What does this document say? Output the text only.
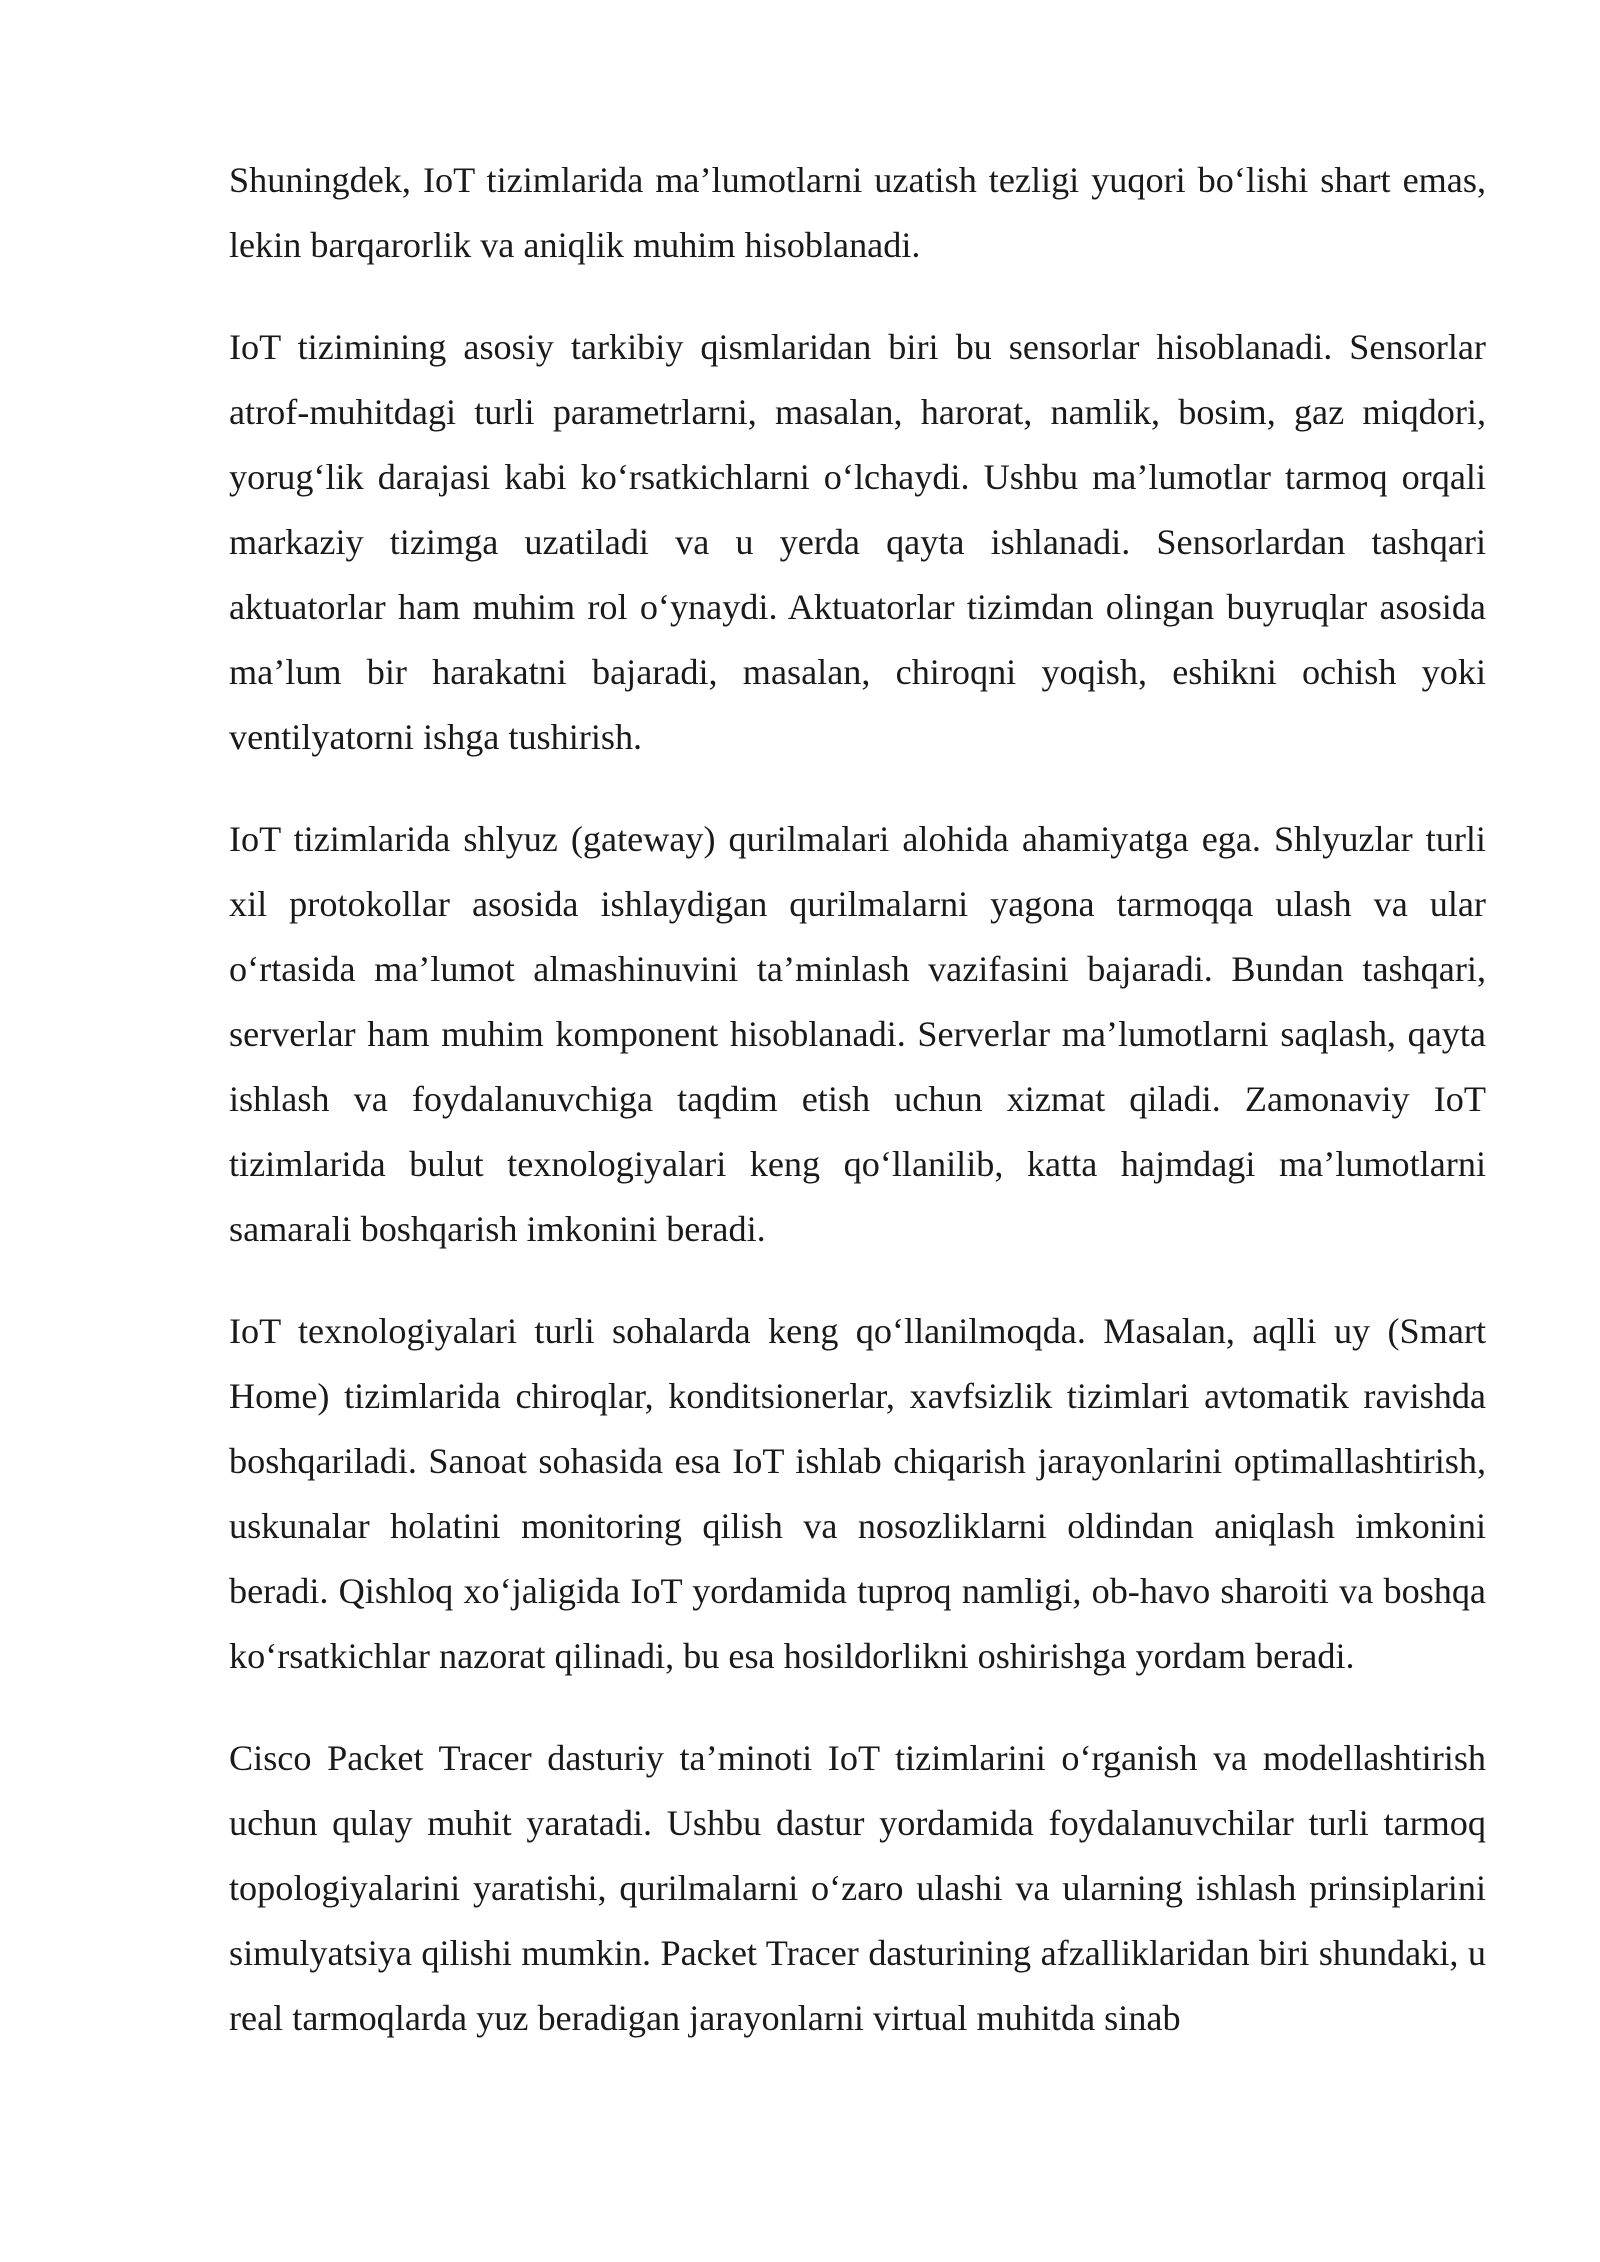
Shuningdek, IoT tizimlarida ma’lumotlarni uzatish tezligi yuqori bo‘lishi shart emas, lekin barqarorlik va aniqlik muhim hisoblanadi.

IoT tizimining asosiy tarkibiy qismlaridan biri bu sensorlar hisoblanadi. Sensorlar atrof-muhitdagi turli parametrlarni, masalan, harorat, namlik, bosim, gaz miqdori, yorug‘lik darajasi kabi ko‘rsatkichlarni o‘lchaydi. Ushbu ma’lumotlar tarmoq orqali markaziy tizimga uzatiladi va u yerda qayta ishlanadi. Sensorlardan tashqari aktuatorlar ham muhim rol o‘ynaydi. Aktuatorlar tizimdan olingan buyruqlar asosida ma’lum bir harakatni bajaradi, masalan, chiroqni yoqish, eshikni ochish yoki ventilyatorni ishga tushirish.

IoT tizimlarida shlyuz (gateway) qurilmalari alohida ahamiyatga ega. Shlyuzlar turli xil protokollar asosida ishlaydigan qurilmalarni yagona tarmoqqa ulash va ular o‘rtasida ma’lumot almashinuvini ta’minlash vazifasini bajaradi. Bundan tashqari, serverlar ham muhim komponent hisoblanadi. Serverlar ma’lumotlarni saqlash, qayta ishlash va foydalanuvchiga taqdim etish uchun xizmat qiladi. Zamonaviy IoT tizimlarida bulut texnologiyalari keng qo‘llanilib, katta hajmdagi ma’lumotlarni samarali boshqarish imkonini beradi.

IoT texnologiyalari turli sohalarda keng qo‘llanilmoqda. Masalan, aqlli uy (Smart Home) tizimlarida chiroqlar, konditsionerlar, xavfsizlik tizimlari avtomatik ravishda boshqariladi. Sanoat sohasida esa IoT ishlab chiqarish jarayonlarini optimallashtirish, uskunalar holatini monitoring qilish va nosozliklarni oldindan aniqlash imkonini beradi. Qishloq xo‘jaligida IoT yordamida tuproq namligi, ob-havo sharoiti va boshqa ko‘rsatkichlar nazorat qilinadi, bu esa hosildorlikni oshirishga yordam beradi.

Cisco Packet Tracer dasturiy ta’minoti IoT tizimlarini o‘rganish va modellashtirish uchun qulay muhit yaratadi. Ushbu dastur yordamida foydalanuvchilar turli tarmoq topologiyalarini yaratishi, qurilmalarni o‘zaro ulashi va ularning ishlash prinsiplarini simulyatsiya qilishi mumkin. Packet Tracer dasturining afzalliklaridan biri shundaki, u real tarmoqlarda yuz beradigan jarayonlarni virtual muhitda sinab
